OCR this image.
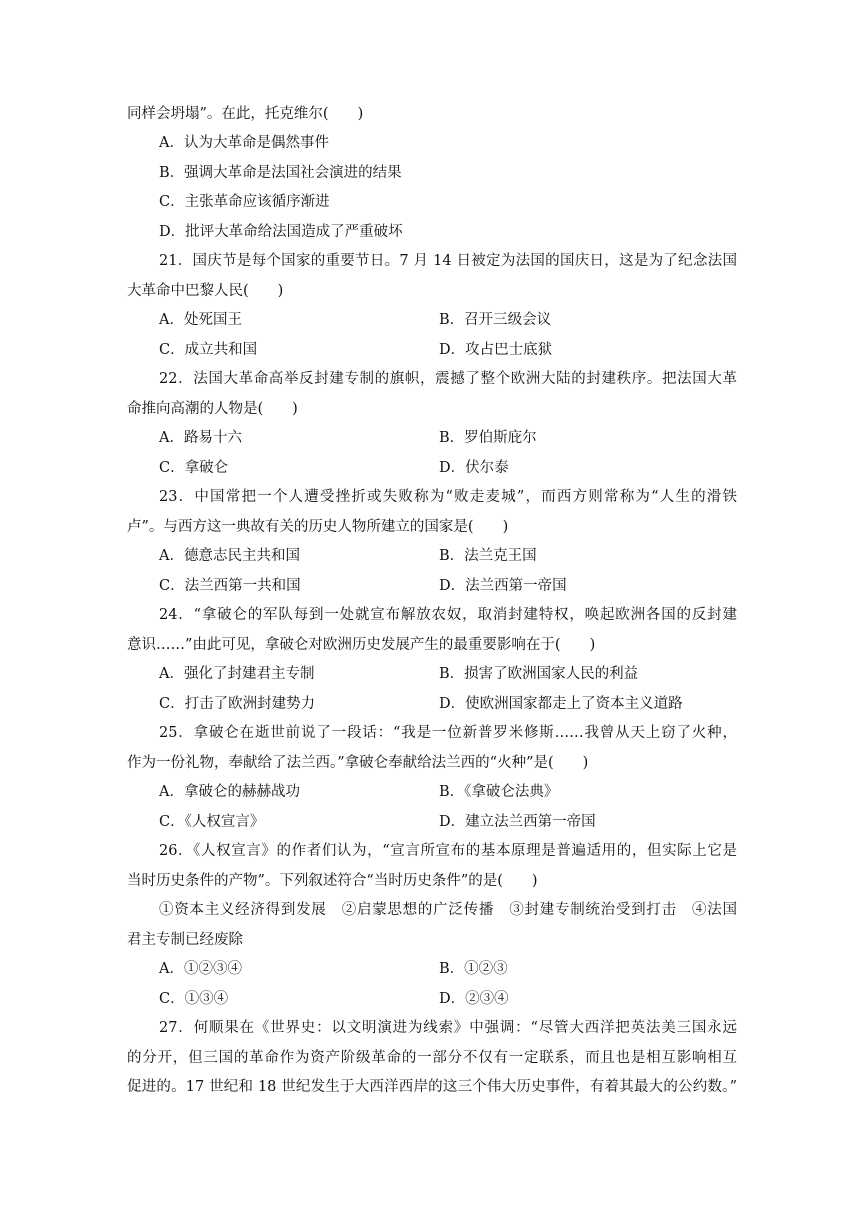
同样会坍塌”。在此，托克维尔(　　)
A．认为大革命是偶然事件
B．强调大革命是法国社会演进的结果
C．主张革命应该循序渐进
D．批评大革命给法国造成了严重破坏
21．国庆节是每个国家的重要节日。7 月 14 日被定为法国的国庆日，这是为了纪念法国
大革命中巴黎人民(　　)
A．处死国王	B．召开三级会议
C．成立共和国	D．攻占巴士底狱
22．法国大革命高举反封建专制的旗帜，震撼了整个欧洲大陆的封建秩序。把法国大革
命推向高潮的人物是(　　)
A．路易十六	B．罗伯斯庇尔
C．拿破仑	D．伏尔泰
23．中国常把一个人遭受挫折或失败称为“败走麦城”，而西方则常称为“人生的滑铁
卢”。与西方这一典故有关的历史人物所建立的国家是(　　)
A．德意志民主共和国	B．法兰克王国
C．法兰西第一共和国	D．法兰西第一帝国
24．“拿破仑的军队每到一处就宣布解放农奴，取消封建特权，唤起欧洲各国的反封建
意识……”由此可见，拿破仑对欧洲历史发展产生的最重要影响在于(　　)
A．强化了封建君主专制	B．损害了欧洲国家人民的利益
C．打击了欧洲封建势力	D．使欧洲国家都走上了资本主义道路
25．拿破仑在逝世前说了一段话：“我是一位新普罗米修斯……我曾从天上窃了火种，
作为一份礼物，奉献给了法兰西。”拿破仑奉献给法兰西的“火种”是(　　)
A．拿破仑的赫赫战功	B．《拿破仑法典》
C．《人权宣言》	D．建立法兰西第一帝国
26．《人权宣言》的作者们认为，“宣言所宣布的基本原理是普遍适用的，但实际上它是
当时历史条件的产物”。下列叙述符合“当时历史条件”的是(　　)
①资本主义经济得到发展　②启蒙思想的广泛传播　③封建专制统治受到打击　④法国
君主专制已经废除
A．①②③④	B．①②③
C．①③④	D．②③④
27．何顺果在《世界史：以文明演进为线索》中强调：“尽管大西洋把英法美三国永远
的分开，但三国的革命作为资产阶级革命的一部分不仅有一定联系，而且也是相互影响相互
促进的。17 世纪和 18 世纪发生于大西洋西岸的这三个伟大历史事件，有着其最大的公约数。”
